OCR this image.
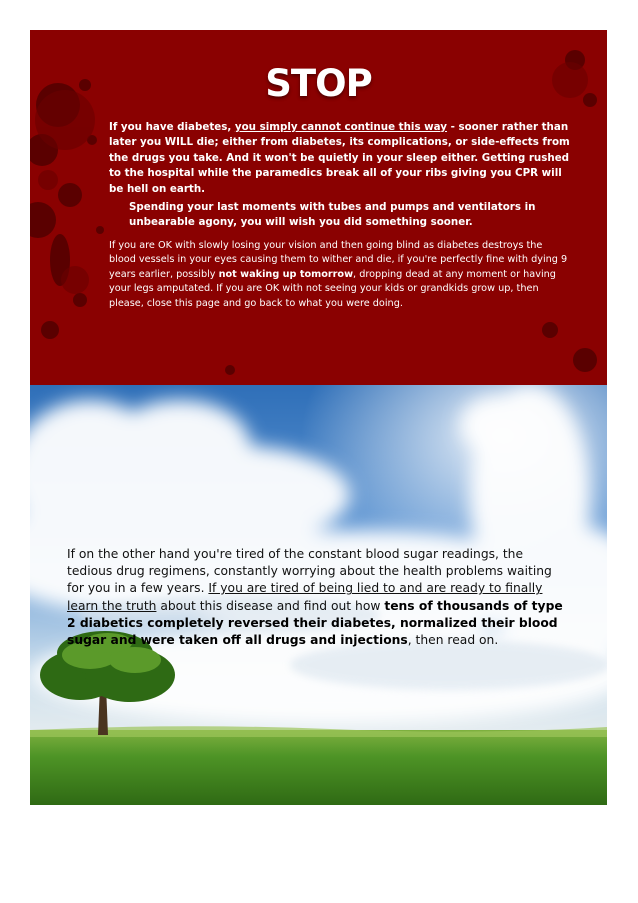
STOP

If you have diabetes, you simply cannot continue this way - sooner rather than later you WILL die; either from diabetes, its complications, or side-effects from the drugs you take. And it won't be quietly in your sleep either. Getting rushed to the hospital while the paramedics break all of your ribs giving you CPR will be hell on earth.

Spending your last moments with tubes and pumps and ventilators in unbearable agony, you will wish you did something sooner.

If you are OK with slowly losing your vision and then going blind as diabetes destroys the blood vessels in your eyes causing them to wither and die, if you're perfectly fine with dying 9 years earlier, possibly not waking up tomorrow, dropping dead at any moment or having your legs amputated. If you are OK with not seeing your kids or grandkids grow up, then please, close this page and go back to what you were doing.

If on the other hand you're tired of the constant blood sugar readings, the tedious drug regimens, constantly worrying about the health problems waiting for you in a few years. If you are tired of being lied to and are ready to finally learn the truth about this disease and find out how tens of thousands of type 2 diabetics completely reversed their diabetes, normalized their blood sugar and were taken off all drugs and injections, then read on.
